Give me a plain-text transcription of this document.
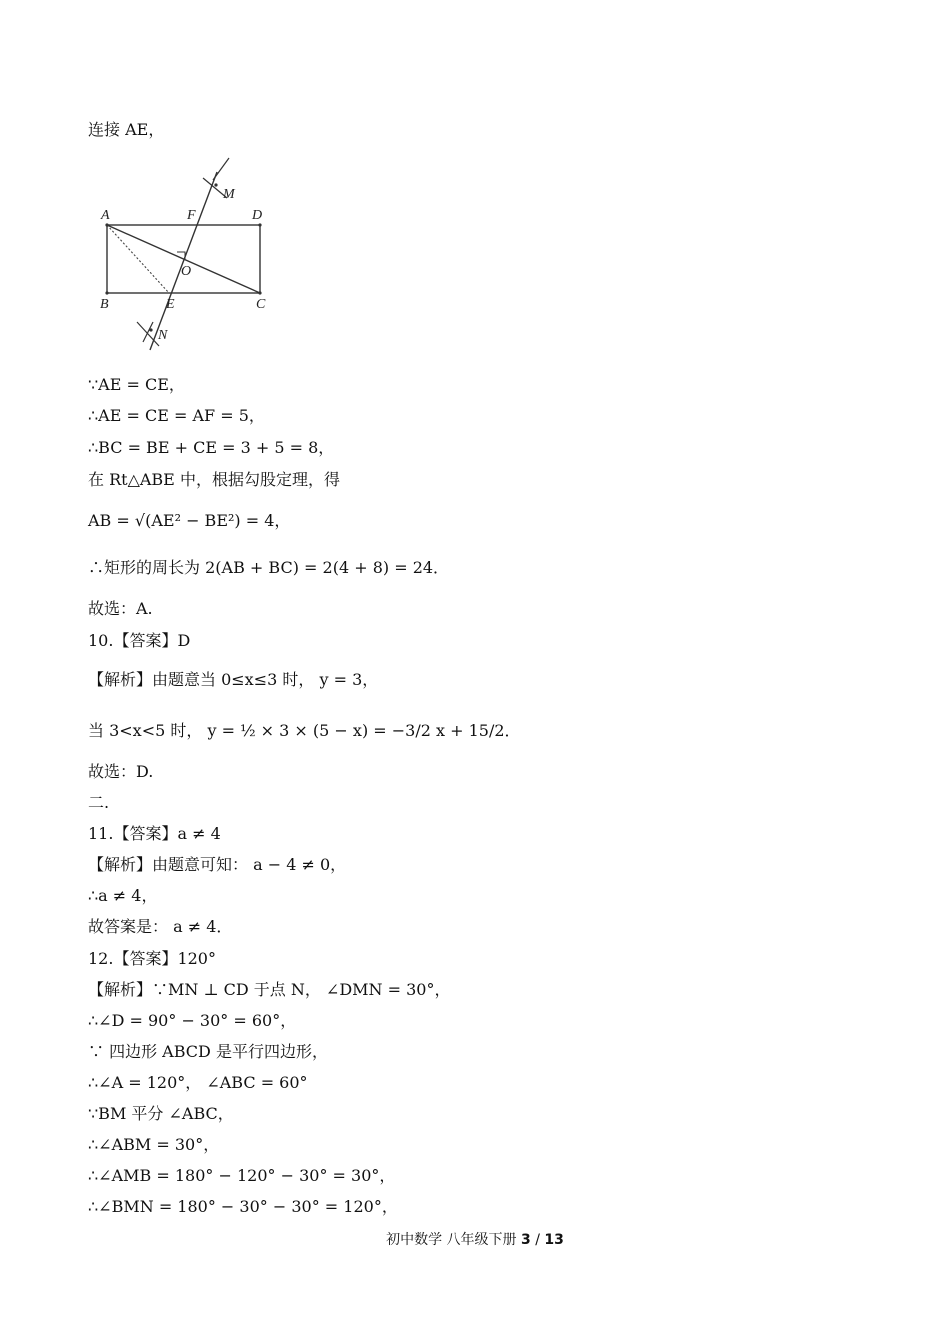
连接 AE，
A	F	D
M
O
B	E	C
N
∵AE = CE，
∴AE = CE = AF = 5，
∴BC = BE + CE = 3 + 5 = 8，
在 Rt△ABE 中，根据勾股定理，得
AB = √(AE² − BE²) = 4，
∴矩形的周长为 2(AB + BC) = 2(4 + 8) = 24．
故选：A.
10.【答案】D
【解析】由题意当 0≤x≤3 时， y = 3，
当 3<x<5 时， y = ½ × 3 × (5 − x) = −3/2 x + 15/2．
故选：D.
二.
11.【答案】a ≠ 4
【解析】由题意可知： a − 4 ≠ 0，
∴a ≠ 4，
故答案是： a ≠ 4．
12.【答案】120°
【解析】∵MN ⊥ CD 于点 N， ∠DMN = 30°，
∴∠D = 90° − 30° = 60°，
∵ 四边形 ABCD 是平行四边形，
∴∠A = 120°， ∠ABC = 60°
∵BM 平分 ∠ABC，
∴∠ABM = 30°，
∴∠AMB = 180° − 120° − 30° = 30°，
∴∠BMN = 180° − 30° − 30° = 120°，
初中数学 八年级下册 3 / 13
